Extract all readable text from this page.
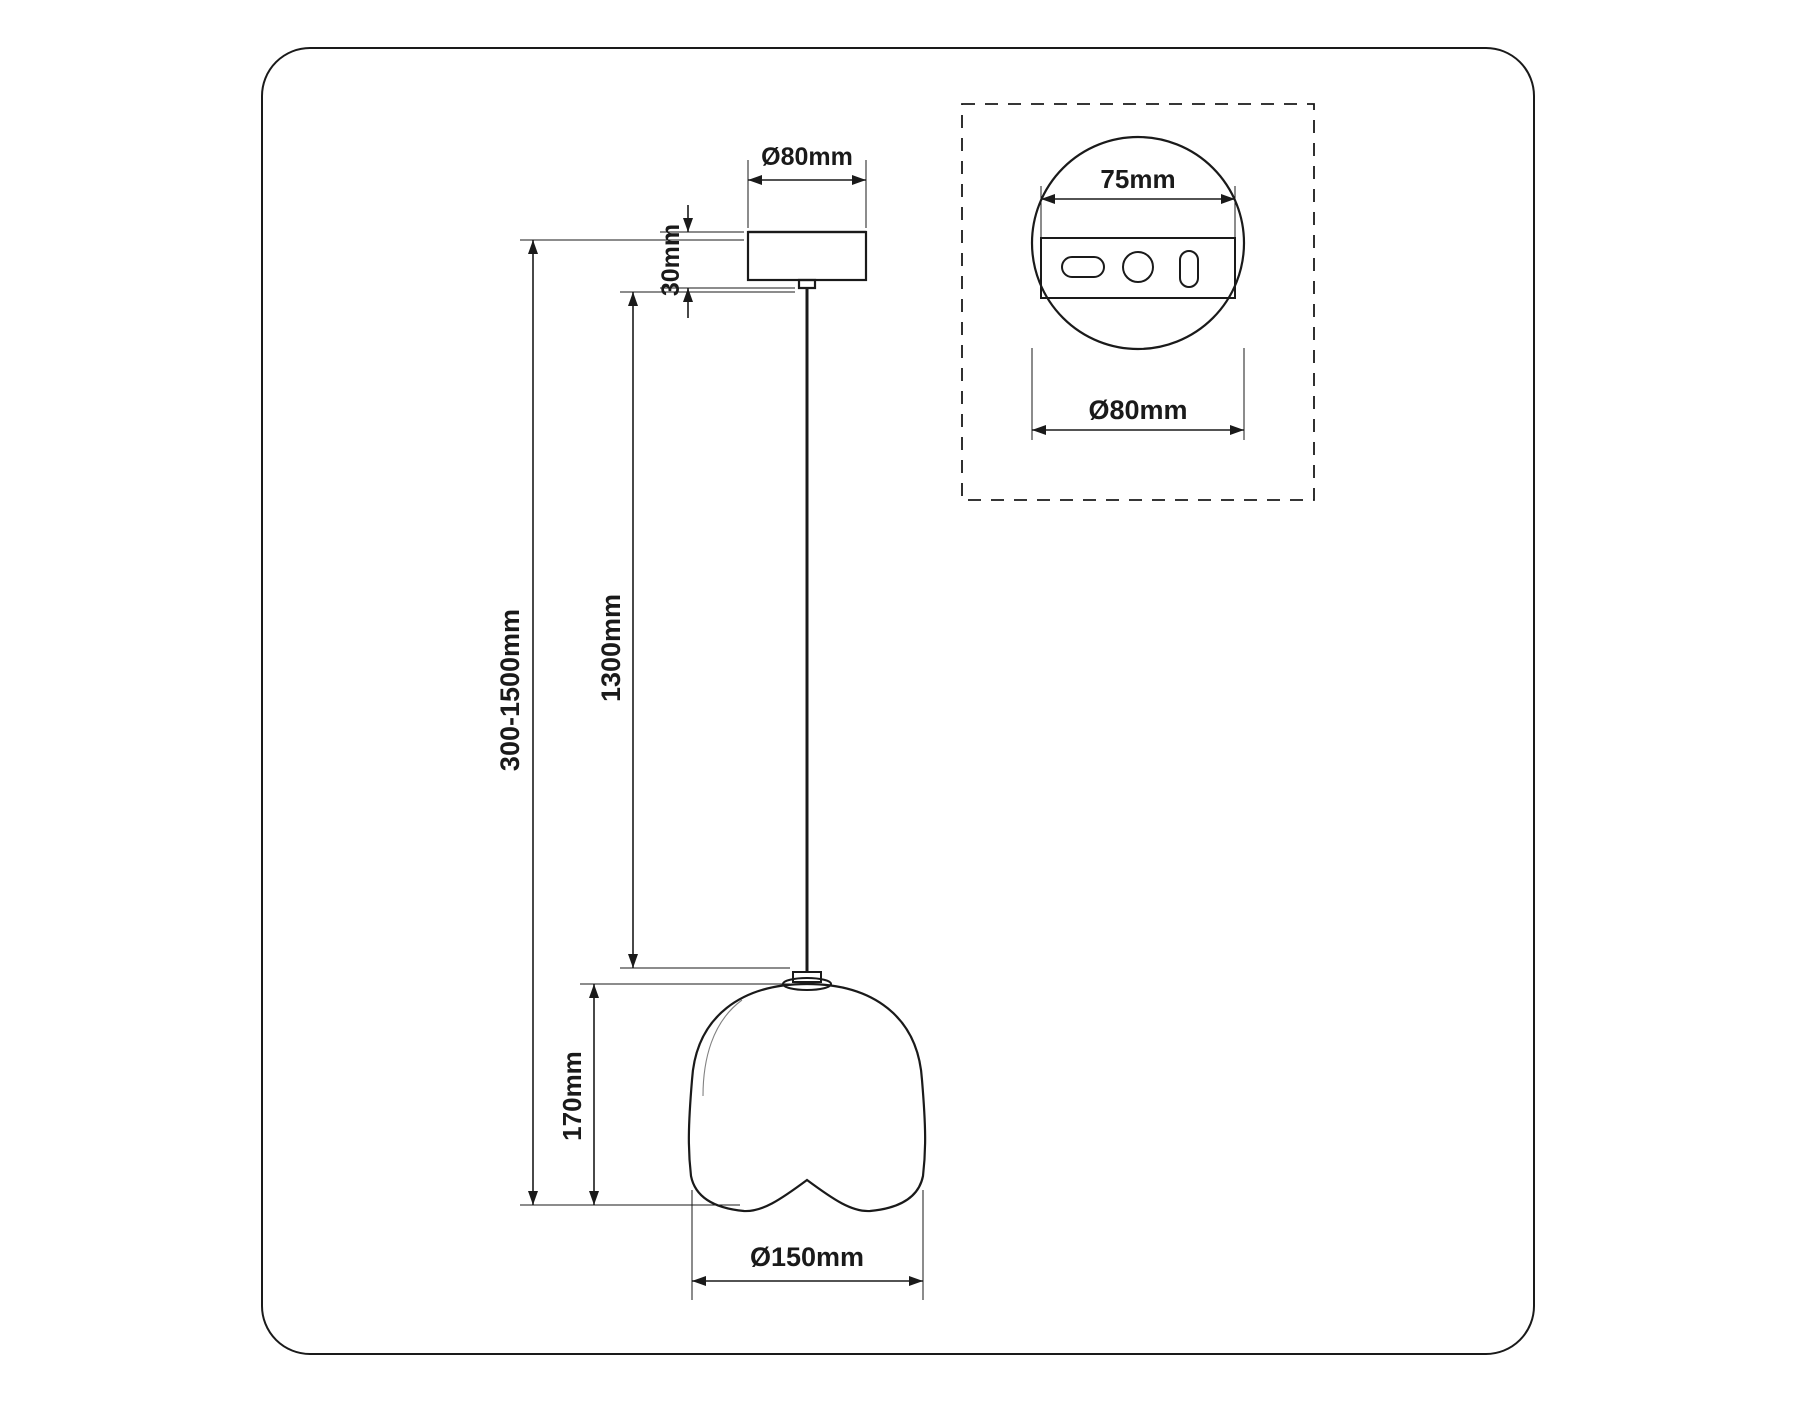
Ø80mm
30mm
1300mm
300-1500mm
170mm
Ø150mm
75mm
Ø80mm
